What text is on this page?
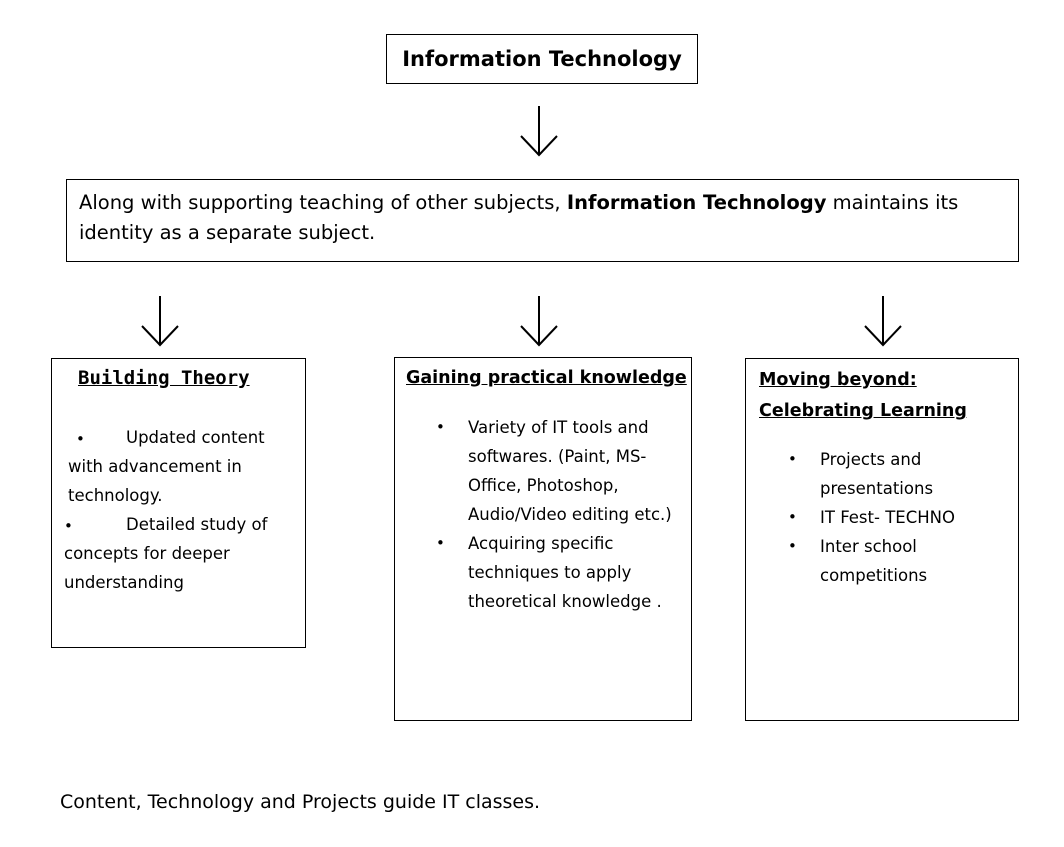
Information Technology
Along with supporting teaching of other subjects, Information Technology maintains its identity as a separate subject.
Building Theory
•	Updated content with advancement in technology.
•	Detailed study of concepts for deeper understanding
Gaining practical knowledge
• Variety of IT tools and softwares. (Paint, MS-Office, Photoshop, Audio/Video editing etc.)
• Acquiring specific techniques to apply theoretical knowledge .
Moving beyond: Celebrating Learning
• Projects and presentations
• IT Fest- TECHNO
• Inter school competitions
Content, Technology and Projects guide IT classes.
